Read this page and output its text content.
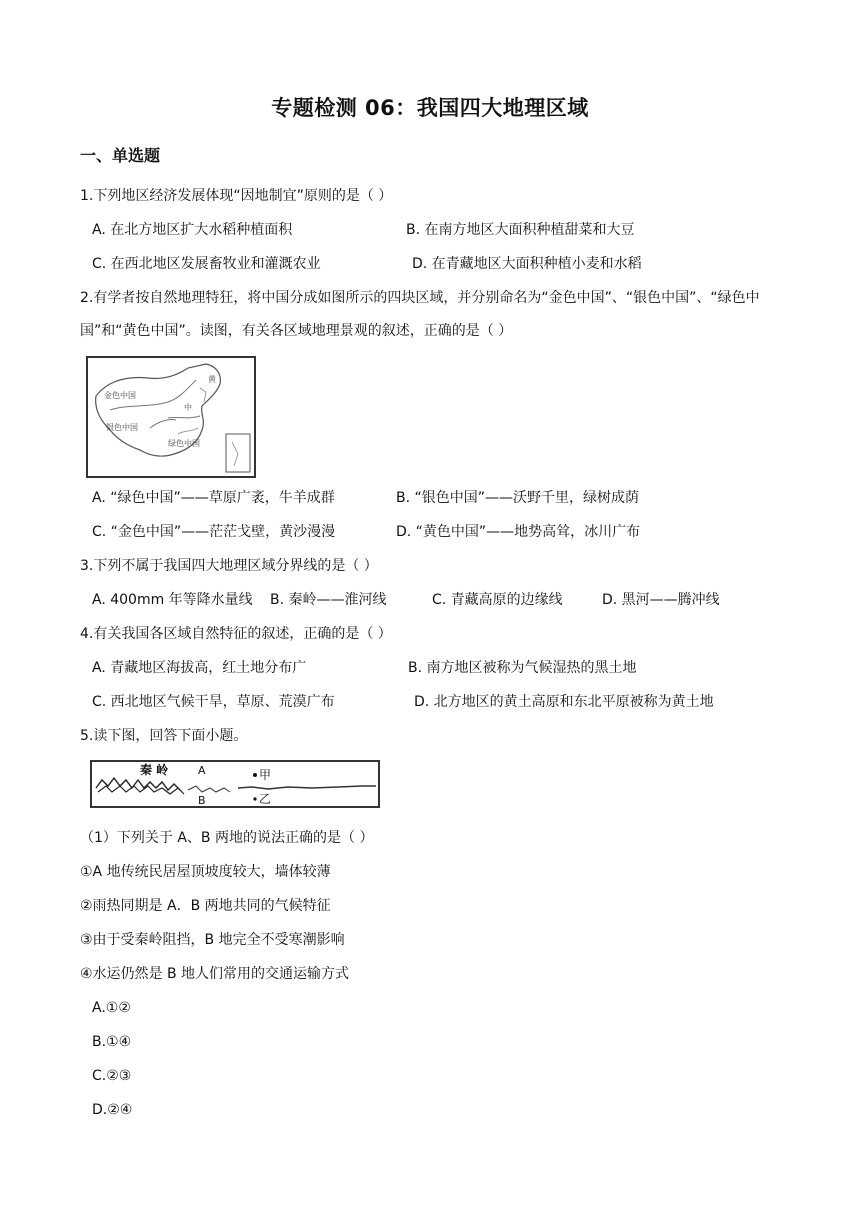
专题检测 06：我国四大地理区域
一、单选题
1.下列地区经济发展体现“因地制宜”原则的是（ ）
A. 在北方地区扩大水稻种植面积	B. 在南方地区大面积种植甜菜和大豆
C. 在西北地区发展畜牧业和灌溉农业	D. 在青藏地区大面积种植小麦和水稻
2.有学者按自然地理特狂，将中国分成如图所示的四块区域，并分别命名为“金色中国”、“银色中国”、“绿色中国”和“黄色中国”。读图，有关各区域地理景观的叙述，正确的是（ ）
金色中国
银色中国
绿色中国
黄
中
A. “绿色中国”——草原广袤，牛羊成群	B. “银色中国”——沃野千里，绿树成荫
C. “金色中国”——茫茫戈壁，黄沙漫漫	D. “黄色中国”——地势高耸，冰川广布
3.下列不属于我国四大地理区域分界线的是（ ）
A. 400mm 年等降水量线 B. 秦岭——淮河线	C. 青藏高原的边缘线	D. 黑河——腾冲线
4.有关我国各区域自然特征的叙述，正确的是（ ）
A. 青藏地区海拔高，红土地分布广	B. 南方地区被称为气候湿热的黑土地
C. 西北地区气候干旱，草原、荒漠广布	D. 北方地区的黄土高原和东北平原被称为黄土地
5.读下图，回答下面小题。
秦 岭	A
B
甲
乙
（1）下列关于 A、B 两地的说法正确的是（ ）
①A 地传统民居屋顶坡度较大，墙体较薄
②雨热同期是 A．B 两地共同的气候特征
③由于受秦岭阻挡，B 地完全不受寒潮影响
④水运仍然是 B 地人们常用的交通运输方式
A.①②
B.①④
C.②③
D.②④
